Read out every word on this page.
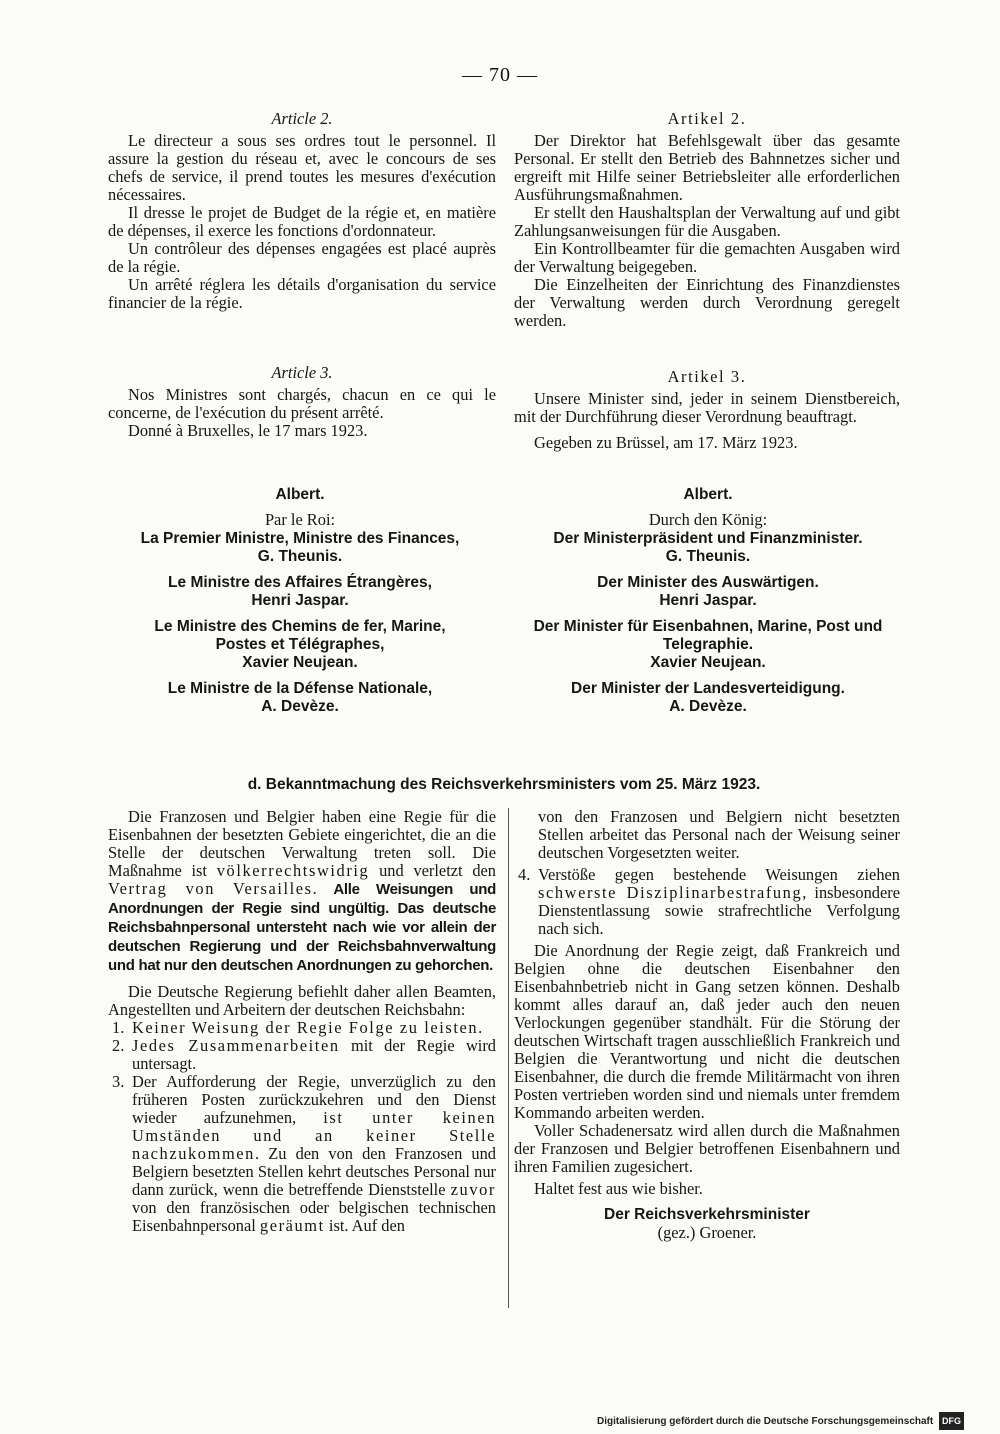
— 70 —
Article 2.
Le directeur a sous ses ordres tout le personnel. Il assure la gestion du réseau et, avec le concours de ses chefs de service, il prend toutes les mesures d'exécution nécessaires.
Il dresse le projet de Budget de la régie et, en matière de dépenses, il exerce les fonctions d'ordonnateur.
Un contrôleur des dépenses engagées est placé auprès de la régie.
Un arrêté réglera les détails d'organisation du service financier de la régie.
Article 3.
Nos Ministres sont chargés, chacun en ce qui le concerne, de l'exécution du présent arrêté.
Donné à Bruxelles, le 17 mars 1923.
Albert.
Par le Roi:
La Premier Ministre, Ministre des Finances,
G. Theunis.
Le Ministre des Affaires Étrangères,
Henri Jaspar.
Le Ministre des Chemins de fer, Marine,
Postes et Télégraphes,
Xavier Neujean.
Le Ministre de la Défense Nationale,
A. Devèze.
Artikel 2.
Der Direktor hat Befehlsgewalt über das gesamte Personal. Er stellt den Betrieb des Bahnnetzes sicher und ergreift mit Hilfe seiner Betriebsleiter alle erforderlichen Ausführungsmaßnahmen.
Er stellt den Haushaltsplan der Verwaltung auf und gibt Zahlungsanweisungen für die Ausgaben.
Ein Kontrollbeamter für die gemachten Ausgaben wird der Verwaltung beigegeben.
Die Einzelheiten der Einrichtung des Finanzdienstes der Verwaltung werden durch Verordnung geregelt werden.
Artikel 3.
Unsere Minister sind, jeder in seinem Dienstbereich, mit der Durchführung dieser Verordnung beauftragt.
Gegeben zu Brüssel, am 17. März 1923.
Albert.
Durch den König:
Der Ministerpräsident und Finanzminister.
G. Theunis.
Der Minister des Auswärtigen.
Henri Jaspar.
Der Minister für Eisenbahnen, Marine, Post und
Telegraphie.
Xavier Neujean.
Der Minister der Landesverteidigung.
A. Devèze.
d. Bekanntmachung des Reichsverkehrsministers vom 25. März 1923.
Die Franzosen und Belgier haben eine Regie für die Eisenbahnen der besetzten Gebiete eingerichtet, die an die Stelle der deutschen Verwaltung treten soll. Die Maßnahme ist völkerrechtswidrig und verletzt den Vertrag von Versailles. Alle Weisungen und Anordnungen der Regie sind ungültig. Das deutsche Reichsbahnpersonal untersteht nach wie vor allein der deutschen Regierung und der Reichsbahnverwaltung und hat nur den deutschen Anordnungen zu gehorchen.
Die Deutsche Regierung befiehlt daher allen Beamten, Angestellten und Arbeitern der deutschen Reichsbahn:
1. Keiner Weisung der Regie Folge zu leisten.
2. Jedes Zusammenarbeiten mit der Regie wird untersagt.
3. Der Aufforderung der Regie, unverzüglich zu den früheren Posten zurückzukehren und den Dienst wieder aufzunehmen, ist unter keinen Umständen und an keiner Stelle nachzukommen. Zu den von den Franzosen und Belgiern besetzten Stellen kehrt deutsches Personal nur dann zurück, wenn die betreffende Dienststelle zuvor von den französischen oder belgischen technischen Eisenbahnpersonal geräumt ist. Auf den
von den Franzosen und Belgiern nicht besetzten Stellen arbeitet das Personal nach der Weisung seiner deutschen Vorgesetzten weiter.
4. Verstöße gegen bestehende Weisungen ziehen schwerste Disziplinarbestrafung, insbesondere Dienstentlassung sowie strafrechtliche Verfolgung nach sich.
Die Anordnung der Regie zeigt, daß Frankreich und Belgien ohne die deutschen Eisenbahner den Eisenbahnbetrieb nicht in Gang setzen können. Deshalb kommt alles darauf an, daß jeder auch den neuen Verlockungen gegenüber standhält. Für die Störung der deutschen Wirtschaft tragen ausschließlich Frankreich und Belgien die Verantwortung und nicht die deutschen Eisenbahner, die durch die fremde Militärmacht von ihren Posten vertrieben worden sind und niemals unter fremdem Kommando arbeiten werden.
Voller Schadenersatz wird allen durch die Maßnahmen der Franzosen und Belgier betroffenen Eisenbahnern und ihren Familien zugesichert.
Haltet fest aus wie bisher.
Der Reichsverkehrsminister
(gez.) Groener.
Digitalisierung gefördert durch die Deutsche Forschungsgemeinschaft DFG
